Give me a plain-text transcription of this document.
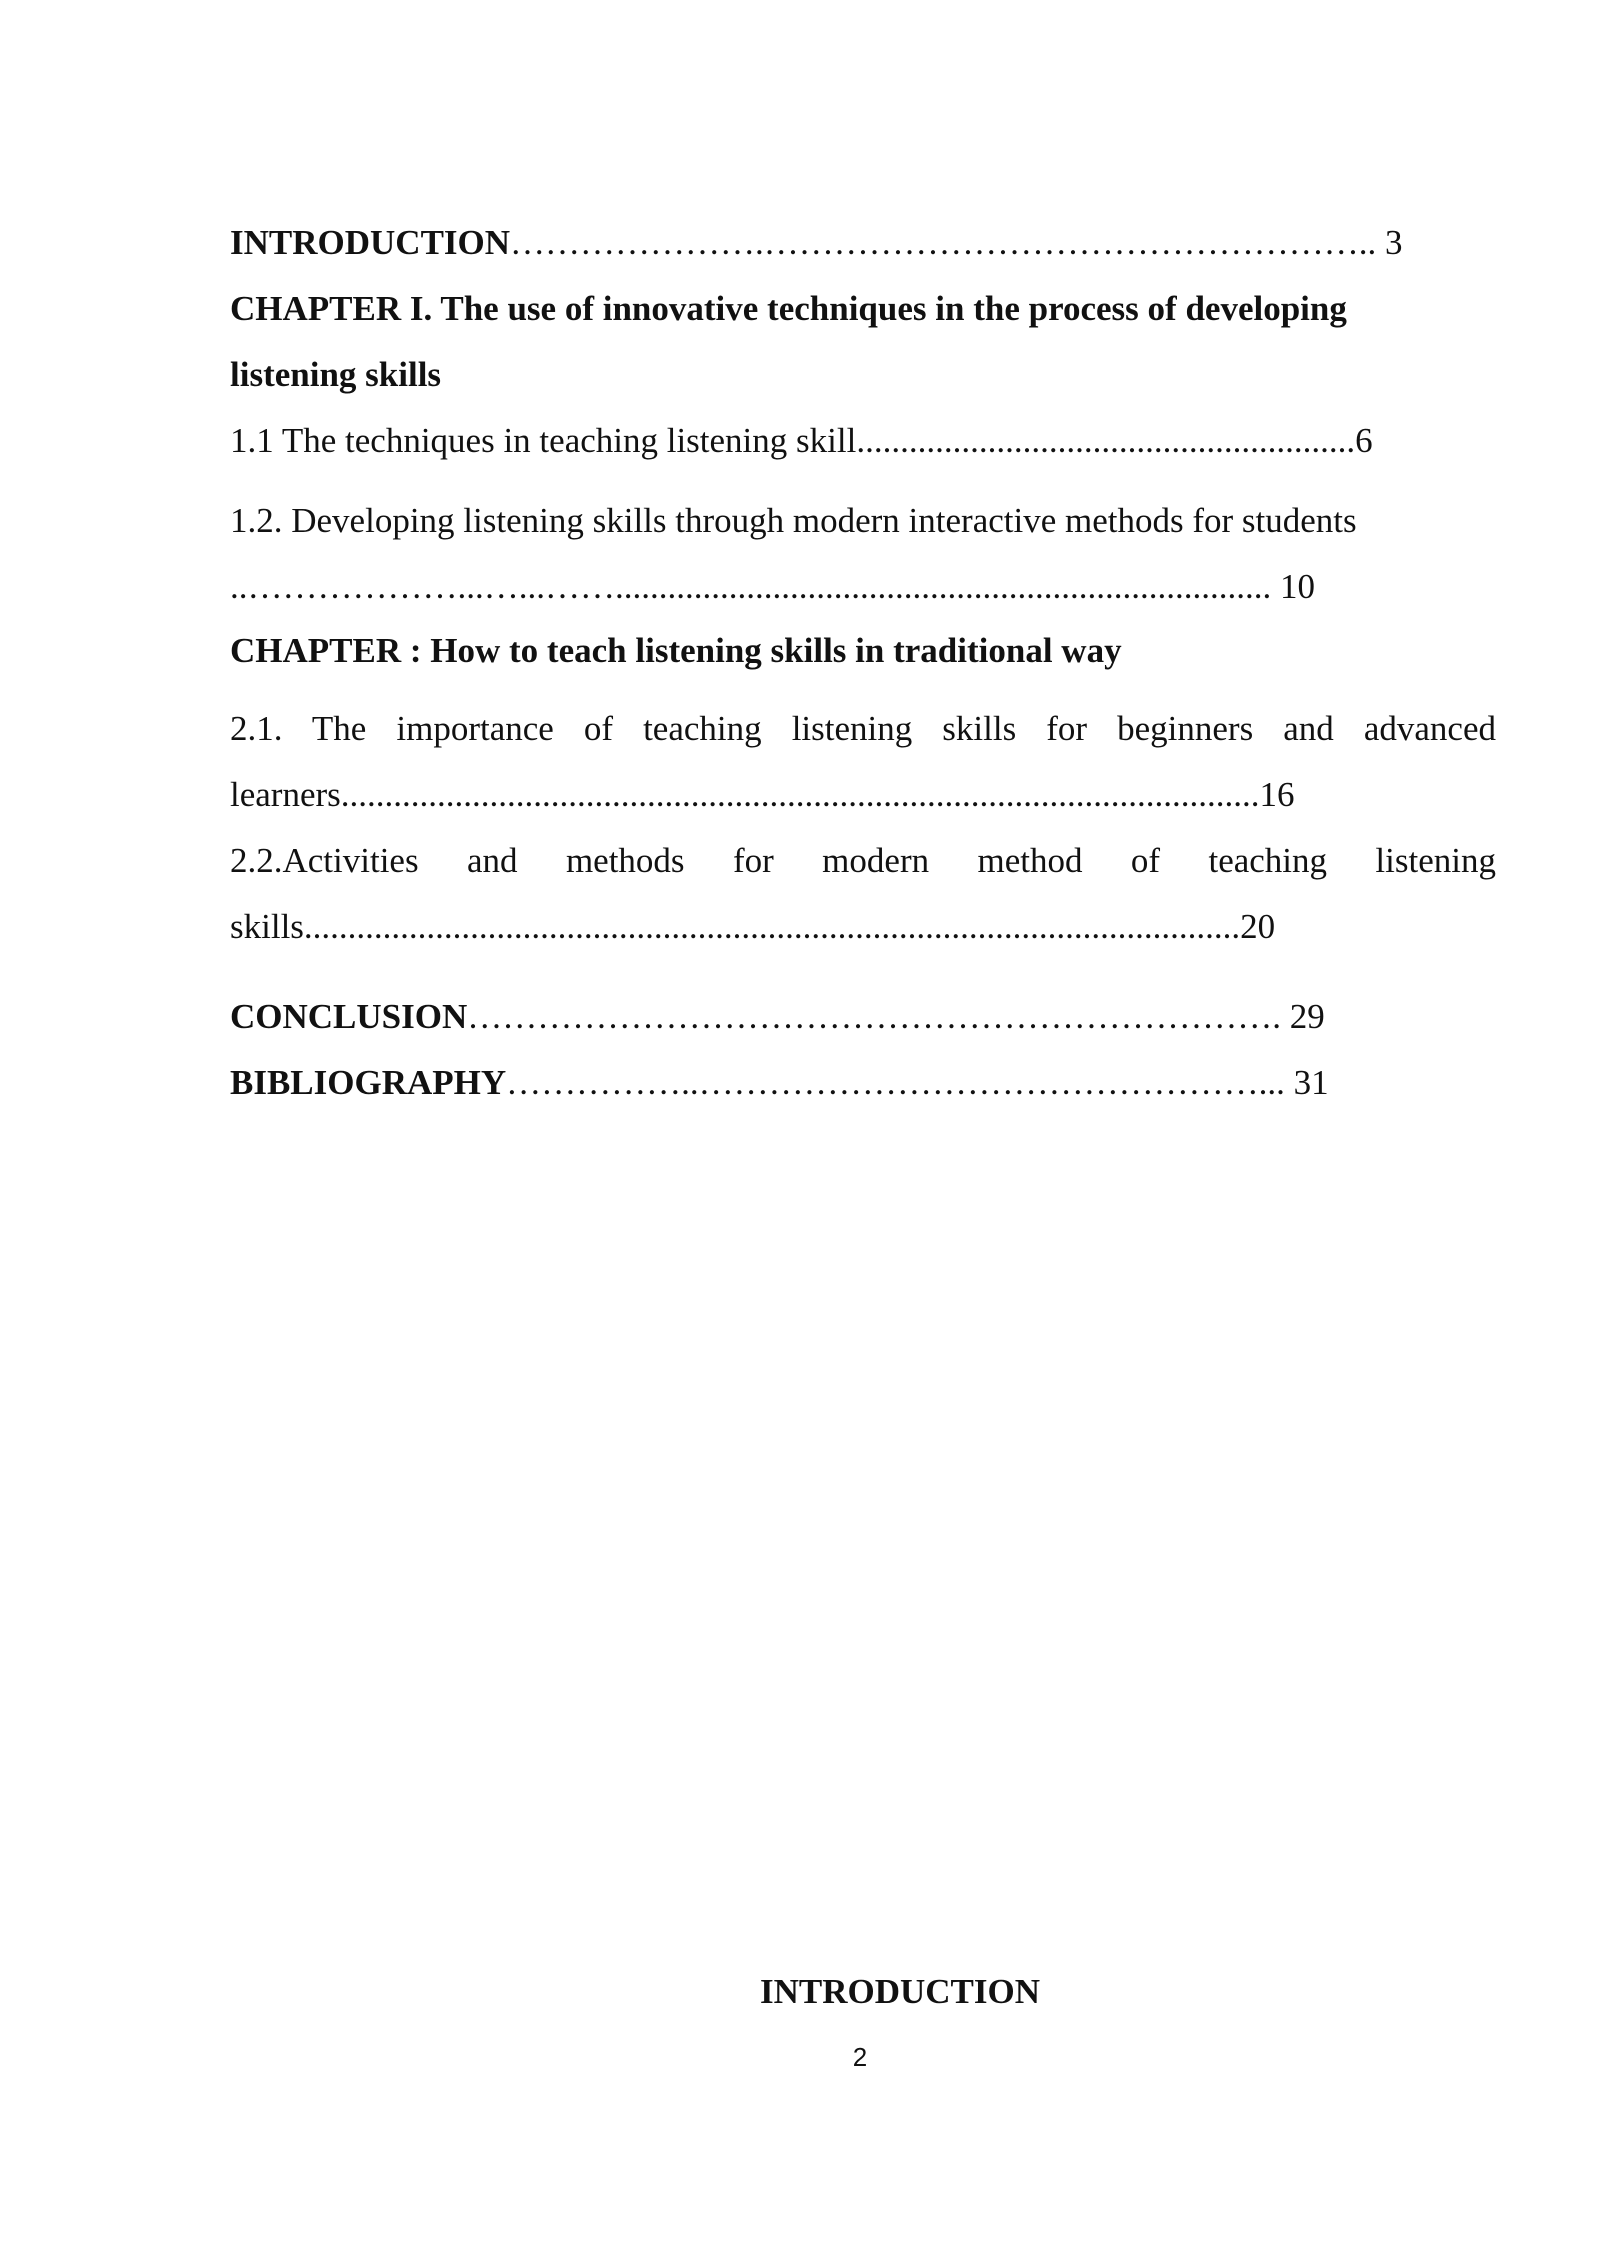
INTRODUCTION………………….…………………………………………….. 3
CHAPTER I. The use of innovative techniques in the process of developing
listening skills
1.1 The techniques in teaching listening skill.........................................................6
1.2. Developing listening skills through modern interactive methods for students
..………………...…...……........................................................................... 10
CHAPTER : How to teach listening skills in traditional way
2.1. The importance of teaching listening skills for beginners and advanced
learners.........................................................................................................16
2.2.Activities and methods for modern method of teaching listening
skills...........................................................................................................20
CONCLUSION……………………………………………………………. 29
BIBLIOGRAPHY……………..…………………………………………... 31
INTRODUCTION
2
